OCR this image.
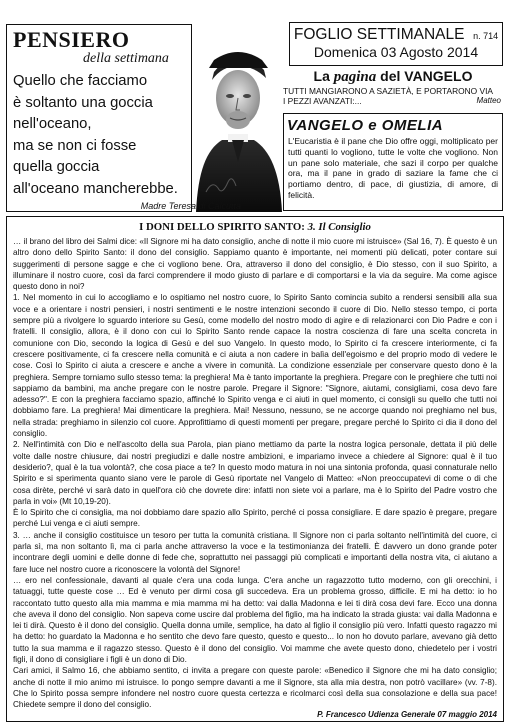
PENSIERO
della settimana
Quello che facciamo
è soltanto una goccia
nell'oceano,
ma se non ci fosse
quella goccia
all'oceano mancherebbe.
Madre Teresa di Calcutta
FOGLIO SETTIMANALE n. 714
Domenica 03 Agosto 2014
La pagina del VANGELO
TUTTI MANGIARONO A SAZIETÀ, E PORTARONO VIA
I PEZZI AVANZATI:...	Matteo
VANGELO e OMELIA
L'Eucaristia è il pane che Dio offre oggi, moltiplicato per tutti quanti lo vogliono, tutte le volte che vogliono. Non un pane solo materiale, che sazi il corpo per qualche ora, ma il pane in grado di saziare la fame che ci portiamo dentro, di pace, di giustizia, di amore, di felicità.
I DONI DELLO SPIRITO SANTO: 3. Il Consiglio
… il brano del libro dei Salmi dice: «Il Signore mi ha dato consiglio, anche di notte il mio cuore mi istruisce» (Sal 16, 7). È questo è un altro dono dello Spirito Santo: il dono del consiglio. Sappiamo quanto è importante, nei momenti più delicati, poter contare sui suggerimenti di persone sagge e che ci vogliono bene. Ora, attraverso il dono del consiglio, è Dio stesso, con il suo Spirito, a illuminare il nostro cuore, così da farci comprendere il modo giusto di parlare e di comportarsi e la via da seguire. Ma come agisce questo dono in noi?
1. Nel momento in cui lo accogliamo e lo ospitiamo nel nostro cuore, lo Spirito Santo comincia subito a rendersi sensibili alla sua voce e a orientare i nostri pensieri, i nostri sentimenti e le nostre intenzioni secondo il cuore di Dio. Nello stesso tempo, ci porta sempre più a rivolgere lo sguardo interiore su Gesù, come modello del nostro modo di agire e di relazionarci con Dio Padre e con i fratelli. Il consiglio, allora, è il dono con cui lo Spirito Santo rende capace la nostra coscienza di fare una scelta concreta in comunione con Dio, secondo la logica di Gesù e del suo Vangelo. In questo modo, lo Spirito ci fa crescere interiormente, ci fa crescere positivamente, ci fa crescere nella comunità e ci aiuta a non cadere in balìa dell'egoismo e del proprio modo di vedere le cose. Così lo Spirito ci aiuta a crescere e anche a vivere in comunità. La condizione essenziale per conservare questo dono è la preghiera. Sempre torniamo sullo stesso tema: la preghiera! Ma è tanto importante la preghiera. Pregare con le preghiere che tutti noi sappiamo da bambini, ma anche pregare con le nostre parole. Pregare il Signore: "Signore, aiutami, consigliami, cosa devo fare adesso?". E con la preghiera facciamo spazio, affinché lo Spirito venga e ci aiuti in quel momento, ci consigli su quello che tutti noi dobbiamo fare. La preghiera! Mai dimenticare la preghiera. Mai! Nessuno, nessuno, se ne accorge quando noi preghiamo nel bus, nella strada: preghiamo in silenzio col cuore. Approfittiamo di questi momenti per pregare, pregare perché lo Spirito ci dia il dono del consiglio.
2. Nell'intimità con Dio e nell'ascolto della sua Parola, pian piano mettiamo da parte la nostra logica personale, dettata il più delle volte dalle nostre chiusure, dai nostri pregiudizi e dalle nostre ambizioni, e impariamo invece a chiedere al Signore: qual è il tuo desiderio?, qual è la tua volontà?, che cosa piace a te? In questo modo matura in noi una sintonia profonda, quasi connaturale nello Spirito e si sperimenta quanto siano vere le parole di Gesù riportate nel Vangelo di Matteo: «Non preoccupatevi di come o di che cosa dirète, perché vi sarà dato in quell'ora ciò che dovrete dire: infatti non siete voi a parlare, ma è lo Spirito del Padre vostro che parla in voi» (Mt 10,19-20).
È lo Spirito che ci consiglia, ma noi dobbiamo dare spazio allo Spirito, perché ci possa consigliare. E dare spazio è pregare, pregare perché Lui venga e ci aiuti sempre.
3. … anche il consiglio costituisce un tesoro per tutta la comunità cristiana. Il Signore non ci parla soltanto nell'intimità del cuore, ci parla sì, ma non soltanto lì, ma ci parla anche attraverso la voce e la testimonianza dei fratelli. È davvero un dono grande poter incontrare degli uomini e delle donne di fede che, soprattutto nei passaggi più complicati e importanti della nostra vita, ci aiutano a fare luce nel nostro cuore a riconoscere la volontà del Signore!
… ero nel confessionale, davanti al quale c'era una coda lunga. C'era anche un ragazzotto tutto moderno, con gli orecchini, i tatuaggi, tutte queste cose … Ed è venuto per dirmi cosa gli succedeva. Era un problema grosso, difficile. E mi ha detto: io ho raccontato tutto questo alla mia mamma e mia mamma mi ha detto: vai dalla Madonna e lei ti dirà cosa devi fare. Ecco una donna che aveva il dono del consiglio. Non sapeva come uscire dal problema del figlio, ma ha indicato la strada giusta: vai dalla Madonna e lei ti dirà. Questo è il dono del consiglio. Quella donna umile, semplice, ha dato al figlio il consiglio più vero. Infatti questo ragazzo mi ha detto: ho guardato la Madonna e ho sentito che devo fare questo, questo e questo... Io non ho dovuto parlare, avevano già detto tutto la sua mamma e il ragazzo stesso. Questo è il dono del consiglio. Voi mamme che avete questo dono, chiedetelo per i vostri figli, il dono di consigliare i figli è un dono di Dio.
Cari amici, il Salmo 16, che abbiamo sentito, ci invita a pregare con queste parole: «Benedico il Signore che mi ha dato consiglio; anche di notte il mio animo mi istruisce. Io pongo sempre davanti a me il Signore, sta alla mia destra, non potrò vacillare» (vv. 7-8). Che lo Spirito possa sempre infondere nel nostro cuore questa certezza e ricolmarci così della sua consolazione e della sua pace! Chiedete sempre il dono del consiglio.
P. Francesco Udienza Generale 07 maggio 2014
